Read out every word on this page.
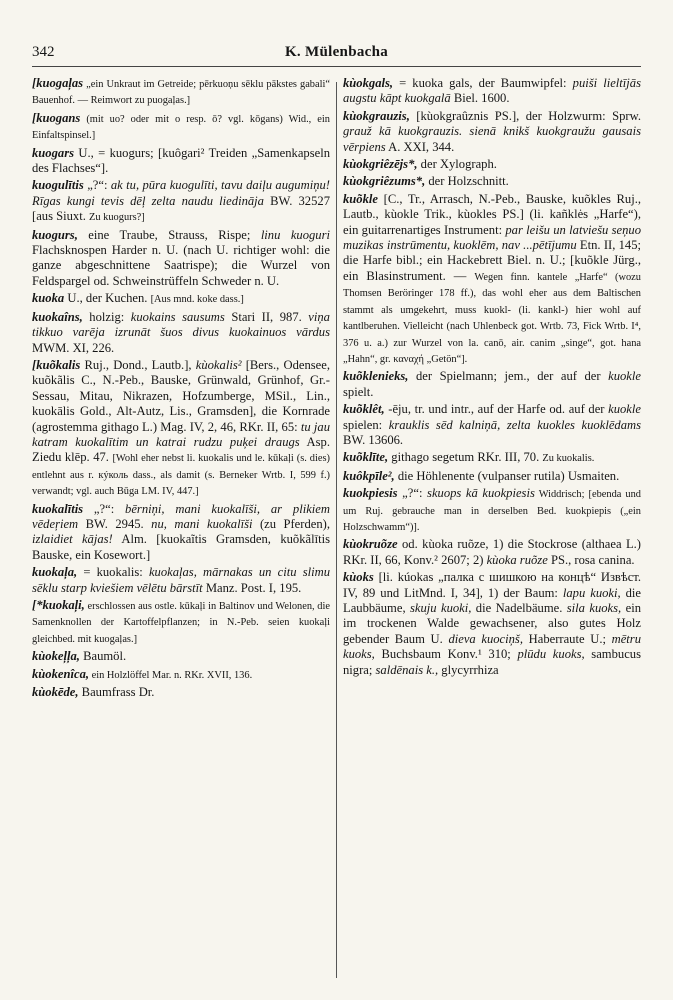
342	K. Mülenbacha

[kuogaļas „ein Unkraut im Getreide; pērkuoņu sēklu pākstes gabali“ Bauenhof. — Reimwort zu puogaļas.]

[kuogans (mit uo? oder mit o resp. ō? vgl. kōgans) Wid., ein Einfaltspinsel.]

kuogars U., = kuogurs; [kuôgari² Treiden „Samenkapseln des Flachses“].

kuogulītis „?“: ak tu, pūra kuogulīti, tavu daiļu augumiņu! Rīgas kungi tevis dēļ zelta naudu liedināja BW. 32527 [aus Siuxt. Zu kuogurs?]

kuogurs, eine Traube, Strauss, Rispe; linu kuoguri Flachsknospen Harder n. U. (nach U. richtiger wohl: die ganze abgeschnittene Saatrispe); die Wurzel von Feldspargel od. Schweinstrüffeln Schweder n. U.

kuoka U., der Kuchen. [Aus mnd. koke dass.]

kuokaîns, holzig: kuokains sausums Stari II, 987. viņa tikkuo varēja izrunāt šuos divus kuokainuos vārdus MWM. XI, 226.

[kuõkalis Ruj., Dond., Lautb.], kùokalis² [Bers., Odensee, kuõkãlis C., N.-Peb., Bauske, Grünwald, Grünhof, Gr.-Sessau, Mitau, Nikrazen, Hofzumberge, MSil., Lin., kuokālis Gold., Alt-Autz, Lis., Gramsden], die Kornrade (agrostemma githago L.) Mag. IV, 2, 46, RKr. II, 65: tu jau katram kuokalītim un katrai rudzu puķei draugs Asp. Ziedu klēp. 47. [Wohl eher nebst li. kuokalis und le. kūkaļi (s. dies) entlehnt aus r. кýколь dass., als damit (s. Berneker Wrtb. I, 599 f.) verwandt; vgl. auch Būga LM. IV, 447.]

kuokalītis „?“: bērniņi, mani kuokalīši, ar plikiem vēdeŗiem BW. 2945. nu, mani kuokalīši (zu Pferden), izlaidiet kājas! Alm. [kuokaĩtis Gramsden, kuõkãlītis Bauske, ein Kosewort.]

kuokaļa, = kuokalis: kuokaļas, mārnakas un citu slimu sēklu starp kviešiem vēlētu bārstīt Manz. Post. I, 195.

[*kuokaļi, erschlossen aus ostle. kūkaļi in Baltinov und Welonen, die Samenknollen der Kartoffelpflanzen; in N.-Peb. seien kuokaļi gleichbed. mit kuogaļas.]

kùokeļļa, Baumöl.

kùokenîca, ein Holzlöffel Mar. n. RKr. XVII, 136.

kùokēde, Baumfrass Dr.

kùokgals, = kuoka gals, der Baumwipfel: puiši lieltījās augstu kāpt kuokgalā Biel. 1600.

kùokgrauzis, [kùokgraûznis PS.], der Holzwurm: Sprw. grauž kā kuokgrauzis. sienā knikš kuokgraužu gausais vērpiens A. XXI, 344.

kùokgriêzējs*, der Xylograph.

kùokgriêzums*, der Holzschnitt.

kuõkle [C., Tr., Arrasch, N.-Peb., Bauske, kuõkles Ruj., Lautb., kùokle Trik., kùokles PS.] (li. kañklės „Harfe“), ein guitarrenartiges Instrument: par leišu un latviešu seņuo muzikas instrūmentu, kuoklēm, nav ...pētījumu Etn. II, 145; die Harfe bibl.; ein Hackebrett Biel. n. U.; [kuõkle Jürg., ein Blasinstrument. — Wegen finn. kantele „Harfe“ (wozu Thomsen Beröringer 178 ff.), das wohl eher aus dem Baltischen stammt als umgekehrt, muss kuokl- (li. kankl-) hier wohl auf kantlberuhen. Vielleicht (nach Uhlenbeck got. Wrtb. 73, Fick Wrtb. I⁴, 376 u. a.) zur Wurzel von la. canō, air. canim „singe“, got. hana „Hahn“, gr. καναχή „Getön“].

kuõklenieks, der Spielmann; jem., der auf der kuokle spielt.

kuõklêt, -ēju, tr. und intr., auf der Harfe od. auf der kuokle spielen: krauklis sēd kalniņā, zelta kuokles kuoklēdams BW. 13606.

kuõklīte, githago segetum RKr. III, 70. Zu kuokalis.

kuôkpīle², die Höhlenente (vulpanser rutila) Usmaiten.

kuokpiesis „?“: skuops kā kuokpiesis Widdrisch; [ebenda und um Ruj. gebrauche man in derselben Bed. kuokpiepis („ein Holzschwamm“)].

kùokruõze od. kùoka ruõze, 1) die Stockrose (althaea L.) RKr. II, 66, Konv.² 2607; 2) kùoka ruõze PS., rosa canina.

kùoks [li. kúokas „палка с шишкою на концѣ“ Извѣст. IV, 89 und LitMnd. I, 34], 1) der Baum: lapu kuoki, die Laubbäume, skuju kuoki, die Nadelbäume. sila kuoks, ein im trockenen Walde gewachsener, also gutes Holz gebender Baum U. dieva kuociņš, Haberraute U.; mētru kuoks, Buchsbaum Konv.¹ 310; plūdu kuoks, sambucus nigra; saldēnais k., glycyrrhiza
